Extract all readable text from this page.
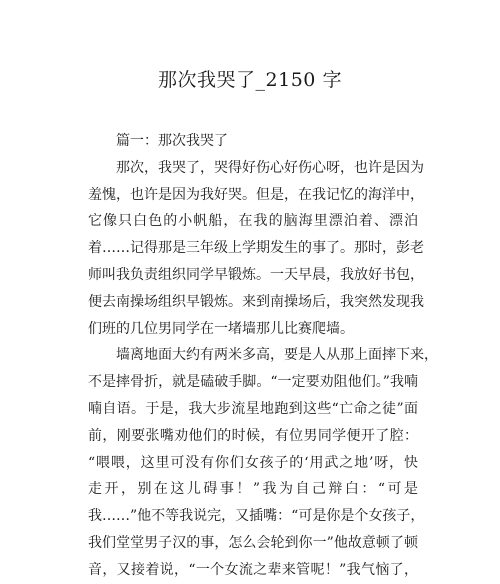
那次我哭了_2150 字
篇一：那次我哭了
那次，我哭了，哭得好伤心好伤心呀，也许是因为
羞愧，也许是因为我好哭。但是，在我记忆的海洋中，
它像只白色的小帆船，在我的脑海里漂泊着、漂泊
着……记得那是三年级上学期发生的事了。那时，彭老
师叫我负责组织同学早锻炼。一天早晨，我放好书包，
便去南操场组织早锻炼。来到南操场后，我突然发现我
们班的几位男同学在一堵墙那儿比赛爬墙。
墙离地面大约有两米多高，要是人从那上面摔下来，
不是摔骨折，就是磕破手脚。“一定要劝阻他们。”我喃
喃自语。于是，我大步流星地跑到这些“亡命之徒”面
前，刚要张嘴劝他们的时候，有位男同学便开了腔：
“喂喂，这里可没有你们女孩子的‘用武之地’呀，快
走开，别在这儿碍事！”我为自己辩白：“可是
我……”他不等我说完，又插嘴：“可是你是个女孩子，
我们堂堂男子汉的事，怎么会轮到你一”他故意顿了顿
音，又接着说，“一个女流之辈来管呢！”我气恼了，
